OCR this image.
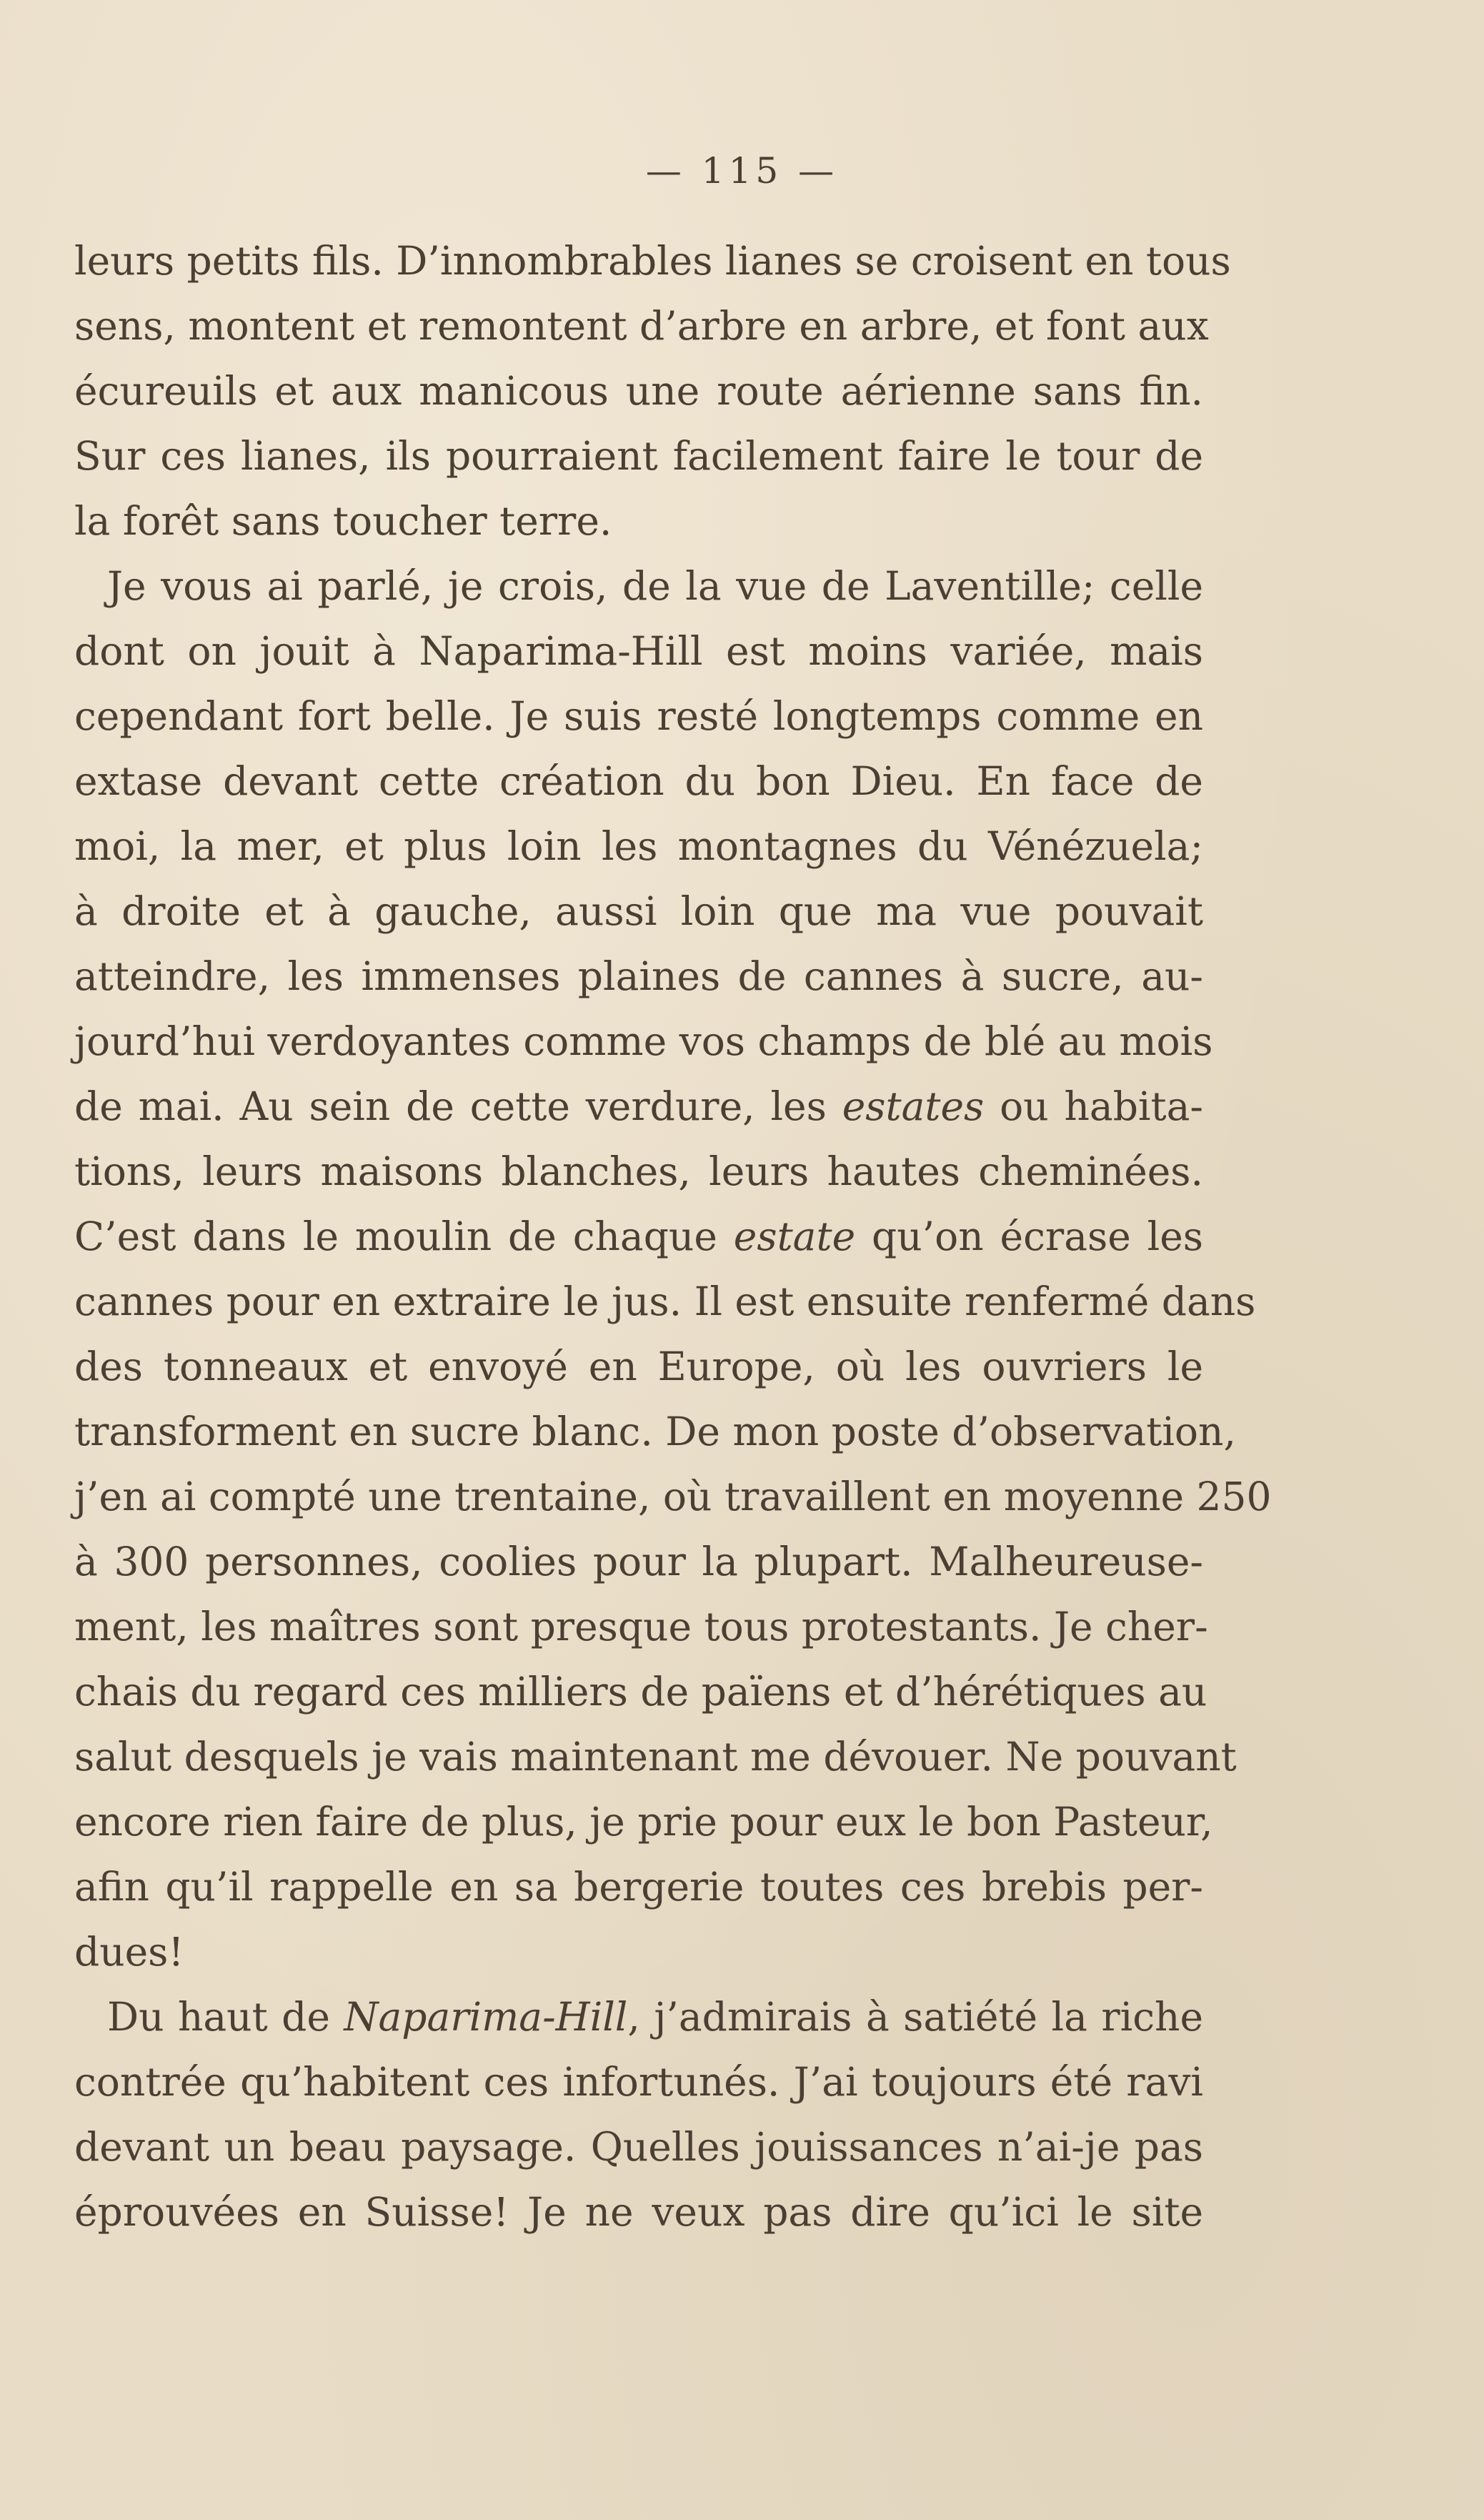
— 115 —
leurs petits fils. D’innombrables lianes se croisent en tous
sens, montent et remontent d’arbre en arbre, et font aux
écureuils et aux manicous une route aérienne sans fin.
Sur ces lianes, ils pourraient facilement faire le tour de
la forêt sans toucher terre.
Je vous ai parlé, je crois, de la vue de Laventille; celle
dont on jouit à Naparima-Hill est moins variée, mais
cependant fort belle. Je suis resté longtemps comme en
extase devant cette création du bon Dieu. En face de
moi, la mer, et plus loin les montagnes du Vénézuela;
à droite et à gauche, aussi loin que ma vue pouvait
atteindre, les immenses plaines de cannes à sucre, au-
jourd’hui verdoyantes comme vos champs de blé au mois
de mai. Au sein de cette verdure, les estates ou habita-
tions, leurs maisons blanches, leurs hautes cheminées.
C’est dans le moulin de chaque estate qu’on écrase les
cannes pour en extraire le jus. Il est ensuite renfermé dans
des tonneaux et envoyé en Europe, où les ouvriers le
transforment en sucre blanc. De mon poste d’observation,
j’en ai compté une trentaine, où travaillent en moyenne 250
à 300 personnes, coolies pour la plupart. Malheureuse-
ment, les maîtres sont presque tous protestants. Je cher-
chais du regard ces milliers de païens et d’hérétiques au
salut desquels je vais maintenant me dévouer. Ne pouvant
encore rien faire de plus, je prie pour eux le bon Pasteur,
afin qu’il rappelle en sa bergerie toutes ces brebis per-
dues!
Du haut de Naparima-Hill, j’admirais à satiété la riche
contrée qu’habitent ces infortunés. J’ai toujours été ravi
devant un beau paysage. Quelles jouissances n’ai-je pas
éprouvées en Suisse! Je ne veux pas dire qu’ici le site
